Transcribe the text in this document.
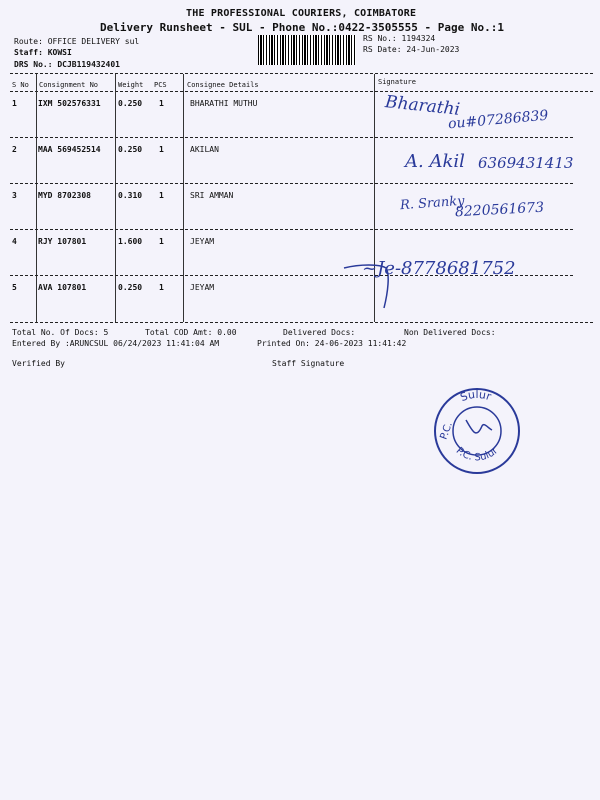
THE PROFESSIONAL COURIERS, COIMBATORE
Delivery Runsheet - SUL - Phone No.:0422-3505555 - Page No.:1
Route: OFFICE DELIVERY sul
Staff: KOWSI
DRS No.: DCJB119432401
RS No.: 1194324
RS Date: 24-Jun-2023
S No Consignment No	Weight PCS	Consignee Details	Signature
1	IXM 502576331 0.250 1	BHARATHI MUTHU	Bharathi
ou#07286839
2	MAA 569452514 0.250 1	AKILAN
A. Akil 6369431413
3	MYD 8702308	0.310 1	SRI AMMAN	R. Sranky
8220561673
4	RJY 107801	1.600 1	JEYAM
~Je-8778681752
5	AVA 107801	0.250 1	JEYAM
Total No. Of Docs: 5	Total COD Amt: 0.00	Delivered Docs:	Non Delivered Docs:
Entered By :ARUNCSUL 06/24/2023 11:41:04 AM	Printed On: 24-06-2023 11:41:42
Verified By	Staff Signature
Sulur
P.C.
P.C. Sulur
